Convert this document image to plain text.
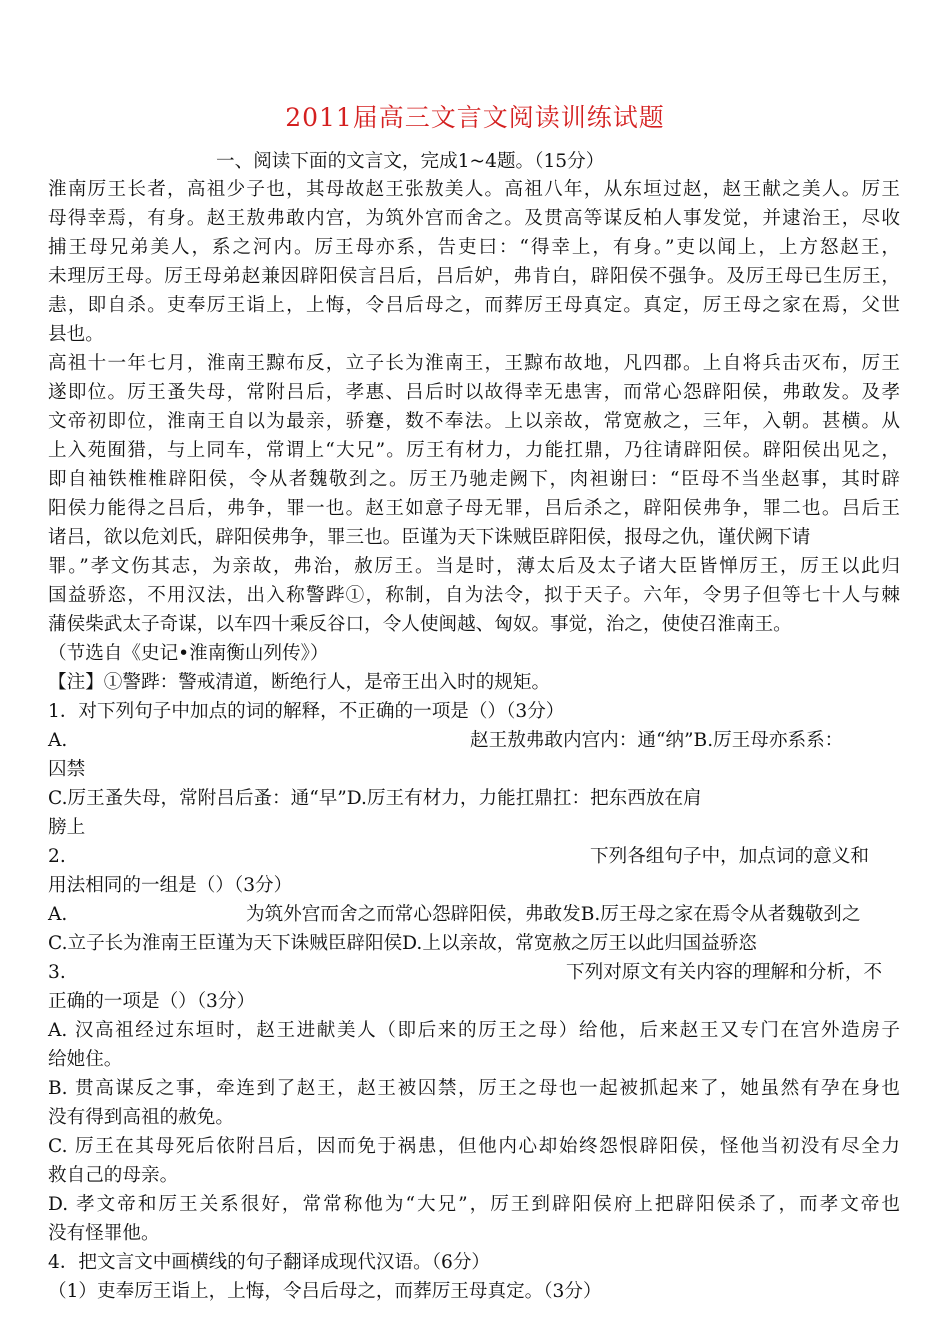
2011届高三文言文阅读训练试题
一、阅读下面的文言文，完成1~4题。（15分）
淮南厉王长者，高祖少子也，其母故赵王张敖美人。高祖八年，从东垣过赵，赵王献之美人。厉王
母得幸焉，有身。赵王敖弗敢内宫，为筑外宫而舍之。及贯高等谋反柏人事发觉，并逮治王，尽收
捕王母兄弟美人，系之河内。厉王母亦系，告吏曰：“得幸上，有身。”吏以闻上，上方怒赵王，
未理厉王母。厉王母弟赵兼因辟阳侯言吕后，吕后妒，弗肯白，辟阳侯不强争。及厉王母已生厉王，
恚，即自杀。吏奉厉王诣上，上悔，令吕后母之，而葬厉王母真定。真定，厉王母之家在焉，父世
县也。
高祖十一年七月，淮南王黥布反，立子长为淮南王，王黥布故地，凡四郡。上自将兵击灭布，厉王
遂即位。厉王蚤失母，常附吕后，孝惠、吕后时以故得幸无患害，而常心怨辟阳侯，弗敢发。及孝
文帝初即位，淮南王自以为最亲，骄蹇，数不奉法。上以亲故，常宽赦之，三年，入朝。甚横。从
上入苑囿猎，与上同车，常谓上“大兄”。厉王有材力，力能扛鼎，乃往请辟阳侯。辟阳侯出见之，
即自袖铁椎椎辟阳侯，令从者魏敬刭之。厉王乃驰走阙下，肉袒谢曰：“臣母不当坐赵事，其时辟
阳侯力能得之吕后，弗争，罪一也。赵王如意子母无罪，吕后杀之，辟阳侯弗争，罪二也。吕后王
诸吕，欲以危刘氏，辟阳侯弗争，罪三也。臣谨为天下诛贼臣辟阳侯，报母之仇，谨伏阙下请
罪。”孝文伤其志，为亲故，弗治，赦厉王。当是时，薄太后及太子诸大臣皆惮厉王，厉王以此归
国益骄恣，不用汉法，出入称警跸①，称制，自为法令，拟于天子。六年，令男子但等七十人与棘
蒲侯柴武太子奇谋，以车四十乘反谷口，令人使闽越、匈奴。事觉，治之，使使召淮南王。
（节选自《史记•淮南衡山列传》）
【注】①警跸：警戒清道，断绝行人，是帝王出入时的规矩。
1．对下列句子中加点的词的解释，不正确的一项是（）（3分）
A.	赵王敖弗敢内宫内：通“纳”B.厉王母亦系系：
囚禁
C.厉王蚤失母，常附吕后蚤：通“早”D.厉王有材力，力能扛鼎扛：把东西放在肩
膀上
2.	下列各组句子中，加点词的意义和
用法相同的一组是（）（3分）
A.	为筑外宫而舍之而常心怨辟阳侯，弗敢发B.厉王母之家在焉令从者魏敬刭之
C.立子长为淮南王臣谨为天下诛贼臣辟阳侯D.上以亲故，常宽赦之厉王以此归国益骄恣
3.	下列对原文有关内容的理解和分析，不
正确的一项是（）（3分）
A. 汉高祖经过东垣时，赵王进献美人（即后来的厉王之母）给他，后来赵王又专门在宫外造房子
给她住。
B. 贯高谋反之事，牵连到了赵王，赵王被囚禁，厉王之母也一起被抓起来了，她虽然有孕在身也
没有得到高祖的赦免。
C. 厉王在其母死后依附吕后，因而免于祸患，但他内心却始终怨恨辟阳侯，怪他当初没有尽全力
救自己的母亲。
D. 孝文帝和厉王关系很好，常常称他为“大兄”，厉王到辟阳侯府上把辟阳侯杀了，而孝文帝也
没有怪罪他。
4．把文言文中画横线的句子翻译成现代汉语。（6分）
（1）吏奉厉王诣上，上悔，令吕后母之，而葬厉王母真定。（3分）
